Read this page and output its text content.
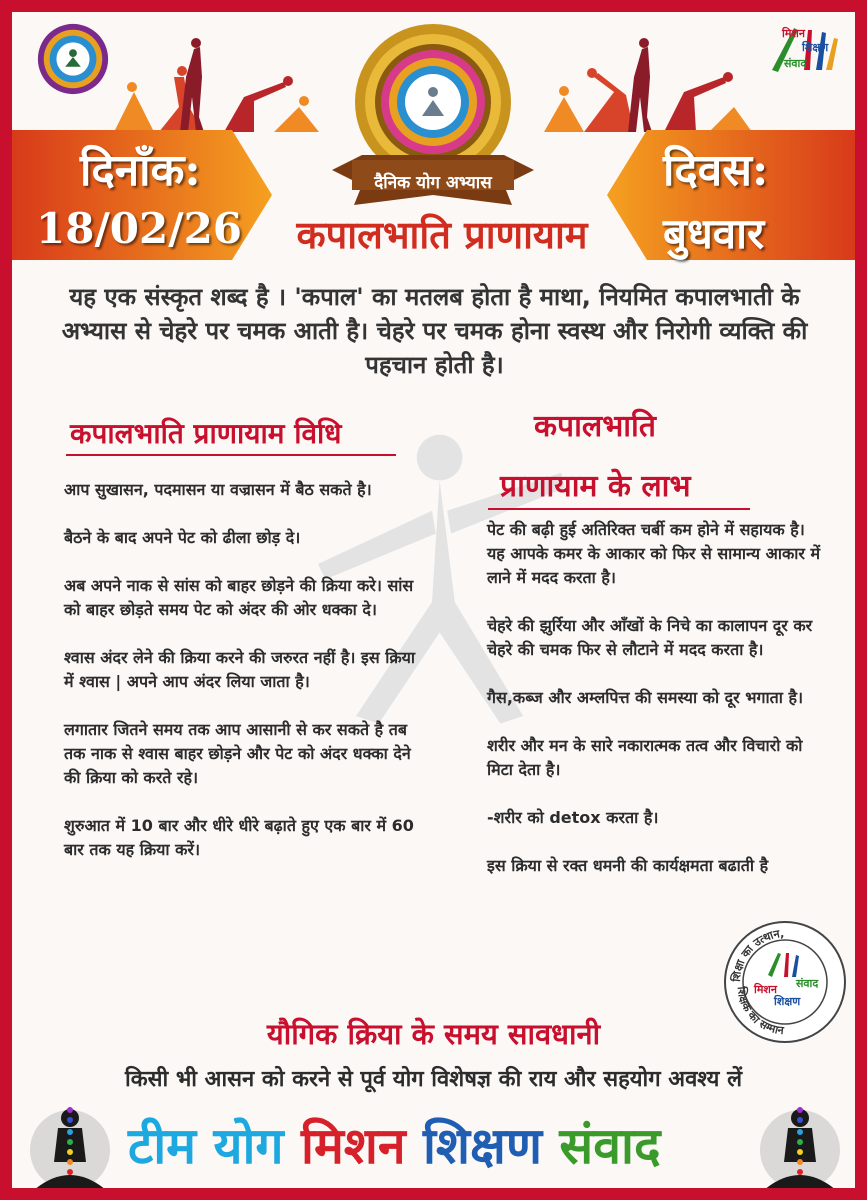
मिशन
शिक्षण
संवाद
दैनिक योग अभ्यास
दिनाँक:
18/02/26
दिवस:
बुधवार
कपालभाति प्राणायाम

यह एक संस्कृत शब्द है । 'कपाल' का मतलब होता है माथा, नियमित कपालभाती के अभ्यास से चेहरे पर चमक आती है। चेहरे पर चमक होना स्वस्थ और निरोगी व्यक्ति की पहचान होती है।

कपालभाति प्राणायाम विधि	कपालभाति
प्राणायाम के लाभ
आप सुखासन, पदमासन या वज्रासन में बैठ सकते है।
बैठने के बाद अपने पेट को ढीला छोड़ दे।
अब अपने नाक से सांस को बाहर छोड़ने की क्रिया करे। सांस को बाहर छोड़ते समय पेट को अंदर की ओर धक्का दे।
श्वास अंदर लेने की क्रिया करने की जरुरत नहीं है। इस क्रिया में श्वास | अपने आप अंदर लिया जाता है।
लगातार जितने समय तक आप आसानी से कर सकते है तब तक नाक से श्वास बाहर छोड़ने और पेट को अंदर धक्का देने की क्रिया को करते रहे।
शुरुआत में 10 बार और धीरे धीरे बढ़ाते हुए एक बार में 60 बार तक यह क्रिया करें।
पेट की बढ़ी हुई अतिरिक्त चर्बी कम होने में सहायक है। यह आपके कमर के आकार को फिर से सामान्य आकार में लाने में मदद करता है।
चेहरे की झुर्रिया और आँखों के निचे का कालापन दूर कर चेहरे की चमक फिर से लौटाने में मदद करता है।
गैस,कब्ज और अम्लपित्त की समस्या को दूर भगाता है।
शरीर और मन के सारे नकारात्मक तत्व और विचारो को मिटा देता है।
-शरीर को detox करता है।
इस क्रिया से रक्त धमनी की कार्यक्षमता बढाती है
शिक्षा का उत्थान,
शिक्षक का सम्मान
मिशन
शिक्षण
संवाद
यौगिक क्रिया के समय सावधानी
किसी भी आसन को करने से पूर्व योग विशेषज्ञ की राय और सहयोग अवश्य लें
टीम योग मिशन शिक्षण संवाद
